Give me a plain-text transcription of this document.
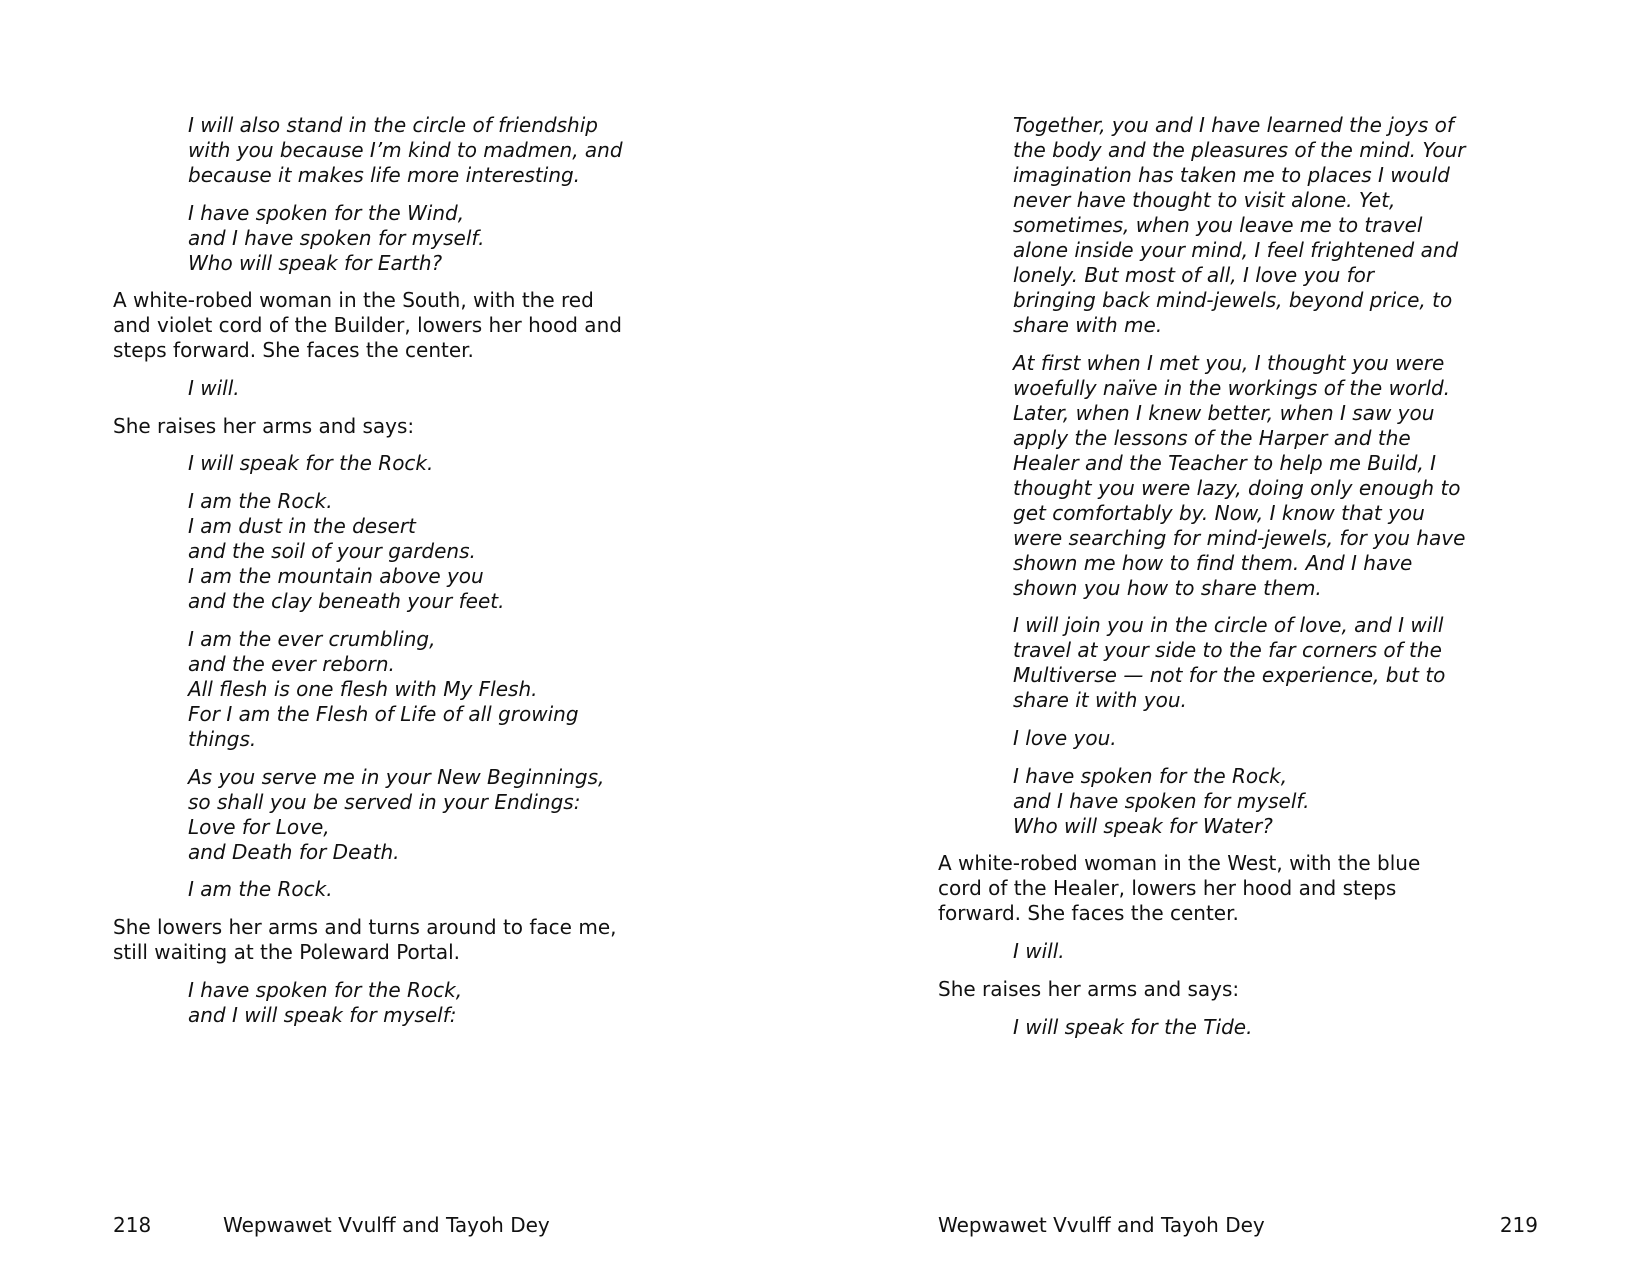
I will also stand in the circle of friendship
with you because I’m kind to madmen, and
because it makes life more interesting.
I have spoken for the Wind,
and I have spoken for myself.
Who will speak for Earth?
A white-robed woman in the South, with the red
and violet cord of the Builder, lowers her hood and
steps forward. She faces the center.
I will.
She raises her arms and says:
I will speak for the Rock.
I am the Rock.
I am dust in the desert
and the soil of your gardens.
I am the mountain above you
and the clay beneath your feet.
I am the ever crumbling,
and the ever reborn.
All flesh is one flesh with My Flesh.
For I am the Flesh of Life of all growing
things.
As you serve me in your New Beginnings,
so shall you be served in your Endings:
Love for Love,
and Death for Death.
I am the Rock.
She lowers her arms and turns around to face me,
still waiting at the Poleward Portal.
I have spoken for the Rock,
and I will speak for myself:
218	Wepwawet Vvulff and Tayoh Dey
Together, you and I have learned the joys of
the body and the pleasures of the mind. Your
imagination has taken me to places I would
never have thought to visit alone. Yet,
sometimes, when you leave me to travel
alone inside your mind, I feel frightened and
lonely. But most of all, I love you for
bringing back mind-jewels, beyond price, to
share with me.
At first when I met you, I thought you were
woefully naïve in the workings of the world.
Later, when I knew better, when I saw you
apply the lessons of the Harper and the
Healer and the Teacher to help me Build, I
thought you were lazy, doing only enough to
get comfortably by. Now, I know that you
were searching for mind-jewels, for you have
shown me how to find them. And I have
shown you how to share them.
I will join you in the circle of love, and I will
travel at your side to the far corners of the
Multiverse — not for the experience, but to
share it with you.
I love you.
I have spoken for the Rock,
and I have spoken for myself.
Who will speak for Water?
A white-robed woman in the West, with the blue
cord of the Healer, lowers her hood and steps
forward. She faces the center.
I will.
She raises her arms and says:
I will speak for the Tide.
Wepwawet Vvulff and Tayoh Dey	219
